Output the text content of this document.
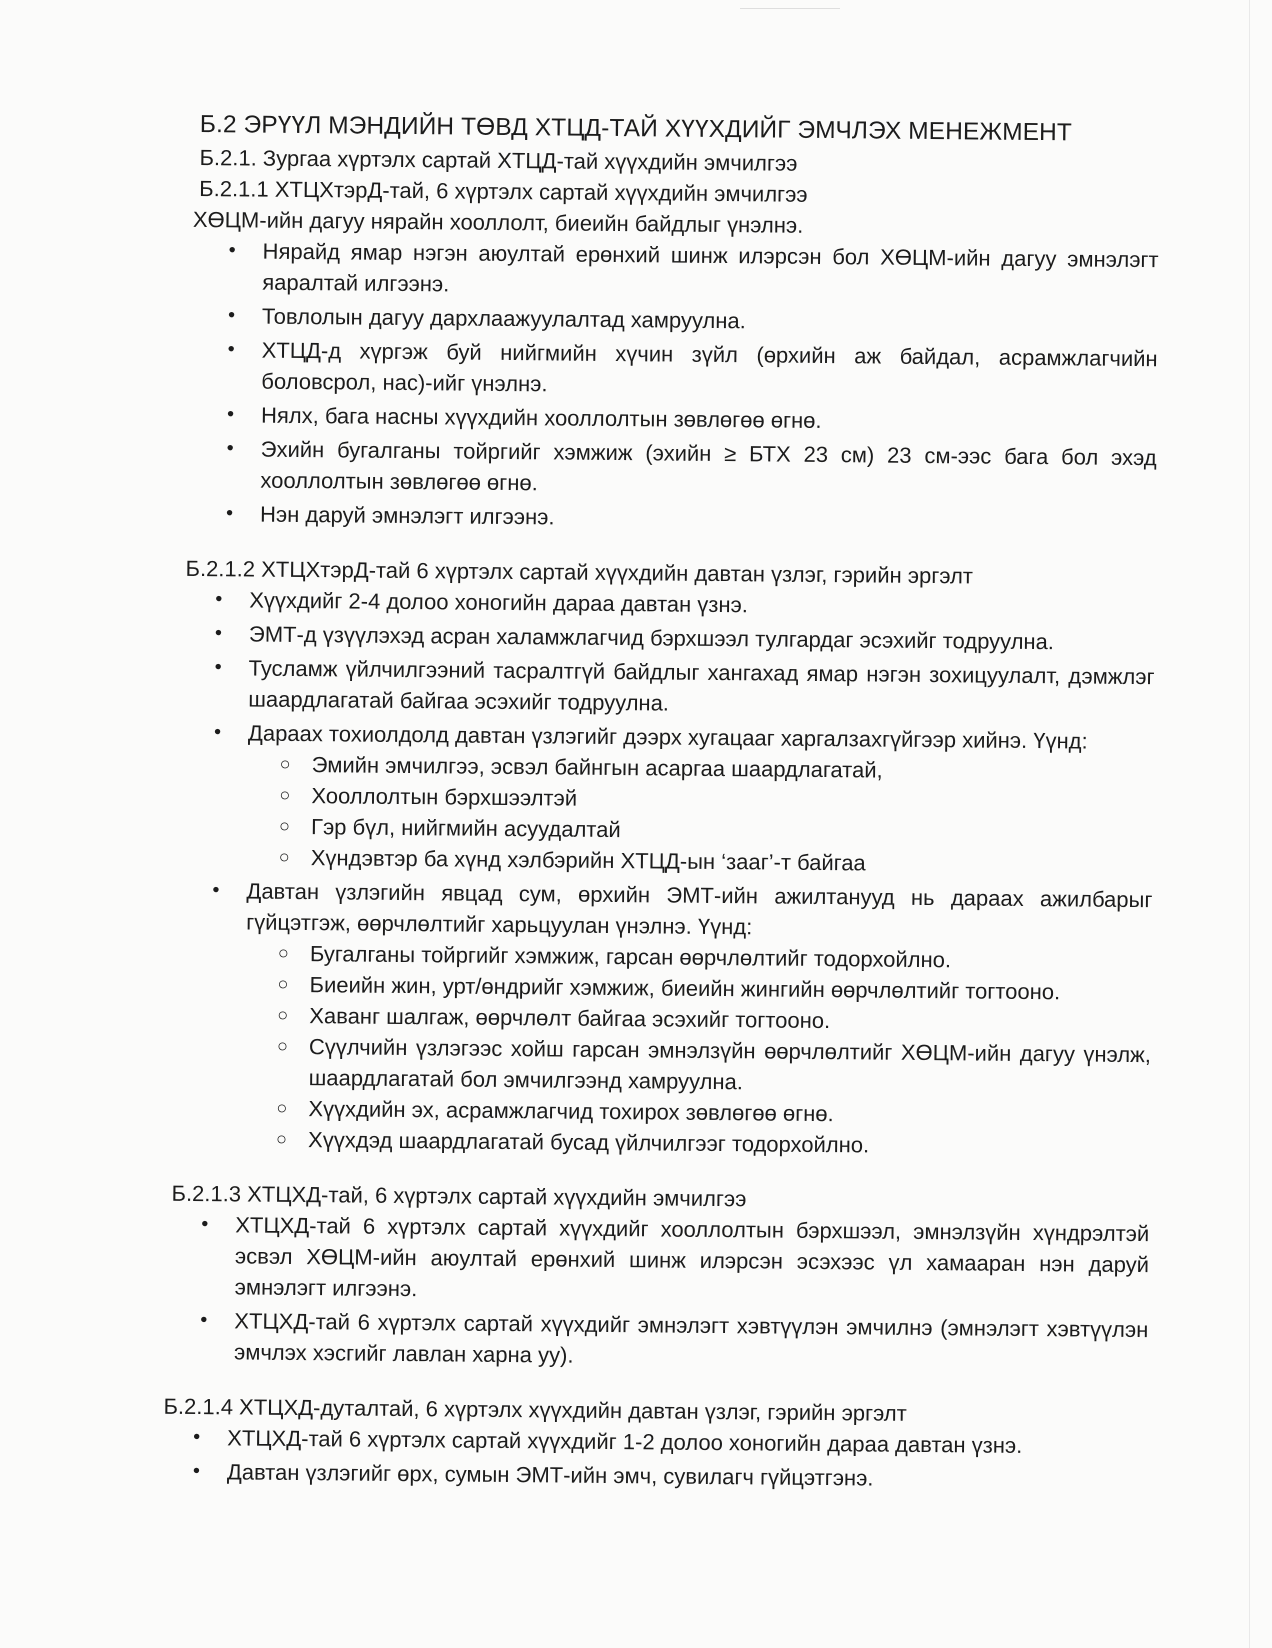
Б.2 ЭРҮҮЛ МЭНДИЙН ТӨВД ХТЦД-ТАЙ ХҮҮХДИЙГ ЭМЧЛЭХ МЕНЕЖМЕНТ

Б.2.1. Зургаа хүртэлх сартай ХТЦД-тай хүүхдийн эмчилгээ

Б.2.1.1 ХТЦХтэрД-тай, 6 хүртэлх сартай хүүхдийн эмчилгээ

ХӨЦМ-ийн дагуу нярайн хооллолт, биеийн байдлыг үнэлнэ.

• Нярайд ямар нэгэн аюултай ерөнхий шинж илэрсэн бол ХӨЦМ-ийн дагуу эмнэлэгт яаралтай илгээнэ.
• Товлолын дагуу дархлаажуулалтад хамруулна.
• ХТЦД-д хүргэж буй нийгмийн хүчин зүйл (өрхийн аж байдал, асрамжлагчийн боловсрол, нас)-ийг үнэлнэ.
• Нялх, бага насны хүүхдийн хооллолтын зөвлөгөө өгнө.
• Эхийн бугалганы тойргийг хэмжиж (эхийн ≥ БТХ 23 см) 23 см-ээс бага бол эхэд хооллолтын зөвлөгөө өгнө.
• Нэн даруй эмнэлэгт илгээнэ.

Б.2.1.2 ХТЦХтэрД-тай 6 хүртэлх сартай хүүхдийн давтан үзлэг, гэрийн эргэлт

• Хүүхдийг 2-4 долоо хоногийн дараа давтан үзнэ.
• ЭМТ-д үзүүлэхэд асран халамжлагчид бэрхшээл тулгардаг эсэхийг тодруулна.
• Тусламж үйлчилгээний тасралтгүй байдлыг хангахад ямар нэгэн зохицуулалт, дэмжлэг шаардлагатай байгаа эсэхийг тодруулна.
• Дараах тохиолдолд давтан үзлэгийг дээрх хугацааг харгалзахгүйгээр хийнэ. Үүнд:
○ Эмийн эмчилгээ, эсвэл байнгын асаргаа шаардлагатай,
○ Хооллолтын бэрхшээлтэй
○ Гэр бүл, нийгмийн асуудалтай
○ Хүндэвтэр ба хүнд хэлбэрийн ХТЦД-ын ‘зааг’-т байгаа
• Давтан үзлэгийн явцад сум, өрхийн ЭМТ-ийн ажилтанууд нь дараах ажилбарыг гүйцэтгэж, өөрчлөлтийг харьцуулан үнэлнэ. Үүнд:
○ Бугалганы тойргийг хэмжиж, гарсан өөрчлөлтийг тодорхойлно.
○ Биеийн жин, урт/өндрийг хэмжиж, биеийн жингийн өөрчлөлтийг тогтооно.
○ Хаванг шалгаж, өөрчлөлт байгаа эсэхийг тогтооно.
○ Сүүлчийн үзлэгээс хойш гарсан эмнэлзүйн өөрчлөлтийг ХӨЦМ-ийн дагуу үнэлж, шаардлагатай бол эмчилгээнд хамруулна.
○ Хүүхдийн эх, асрамжлагчид тохирох зөвлөгөө өгнө.
○ Хүүхдэд шаардлагатай бусад үйлчилгээг тодорхойлно.

Б.2.1.3 ХТЦХД-тай, 6 хүртэлх сартай хүүхдийн эмчилгээ

• ХТЦХД-тай 6 хүртэлх сартай хүүхдийг хооллолтын бэрхшээл, эмнэлзүйн хүндрэлтэй эсвэл ХӨЦМ-ийн аюултай ерөнхий шинж илэрсэн эсэхээс үл хамааран нэн даруй эмнэлэгт илгээнэ.
• ХТЦХД-тай 6 хүртэлх сартай хүүхдийг эмнэлэгт хэвтүүлэн эмчилнэ (эмнэлэгт хэвтүүлэн эмчлэх хэсгийг лавлан харна уу).

Б.2.1.4 ХТЦХД-дуталтай, 6 хүртэлх хүүхдийн давтан үзлэг, гэрийн эргэлт

• ХТЦХД-тай 6 хүртэлх сартай хүүхдийг 1-2 долоо хоногийн дараа давтан үзнэ.
• Давтан үзлэгийг өрх, сумын ЭМТ-ийн эмч, сувилагч гүйцэтгэнэ.
